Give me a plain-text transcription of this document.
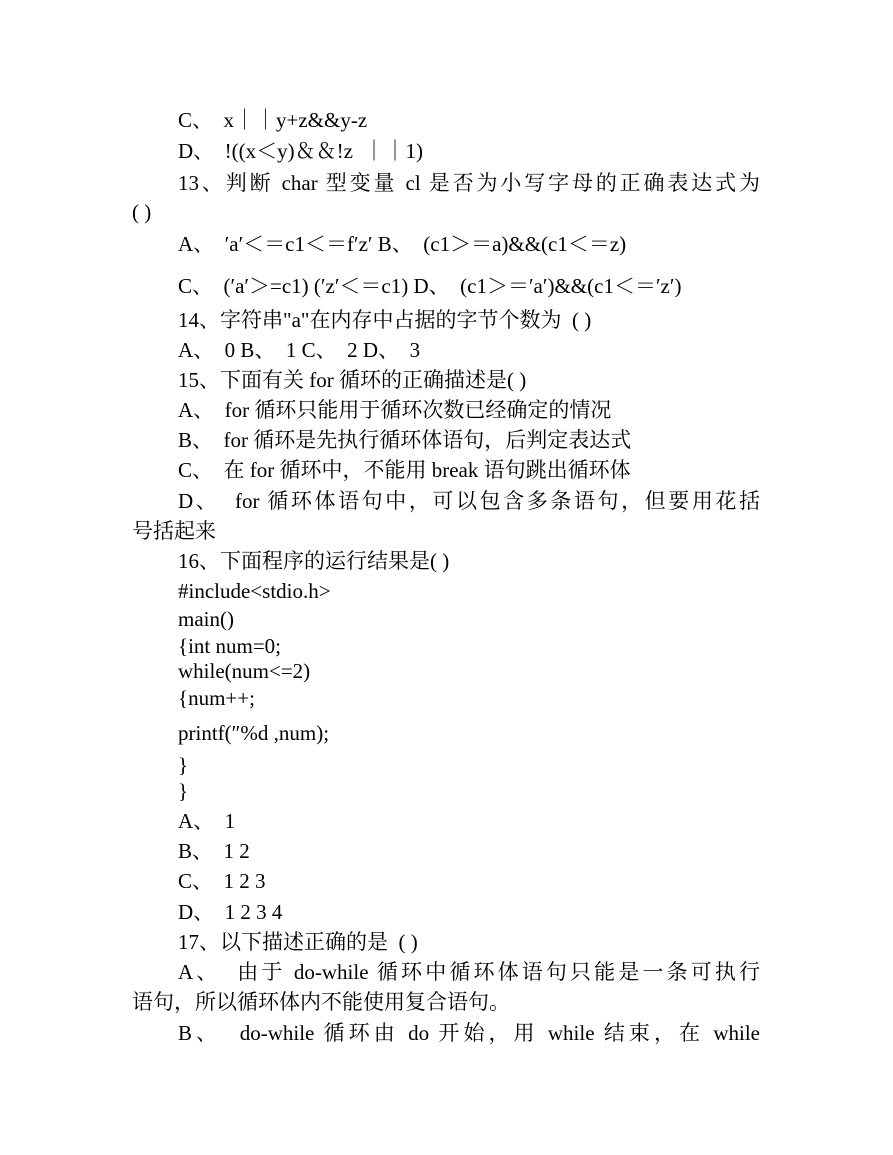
C、  x｜｜y+z&&y-z
D、  !((x＜y)＆＆!z  ｜｜1)
13、判断 char 型变量 cl 是否为小写字母的正确表达式为
( )
A、  ′a′＜＝c1＜＝f′z′ B、  (c1＞＝a)&&(c1＜＝z)
C、  (′a′＞=c1) (′z′＜＝c1) D、  (c1＞＝′a′)&&(c1＜＝′z′)
14、字符串"a"在内存中占据的字节个数为  ( )
A、  0 B、  1 C、  2 D、  3
15、下面有关 for 循环的正确描述是( )
A、  for 循环只能用于循环次数已经确定的情况
B、  for 循环是先执行循环体语句，后判定表达式
C、  在 for 循环中，不能用 break 语句跳出循环体
D、  for 循环体语句中，可以包含多条语句，但要用花括
号括起来
16、下面程序的运行结果是( )
#include<stdio.h>
main()
{int num=0;
while(num<=2)
{num++;
printf(″%d ,num);
}
}
A、  1
B、  1 2
C、  1 2 3
D、  1 2 3 4
17、以下描述正确的是  ( )
A、  由于 do-while 循环中循环体语句只能是一条可执行
语句，所以循环体内不能使用复合语句。
B、  do-while 循环由 do 开始，用 while 结束，在 while
